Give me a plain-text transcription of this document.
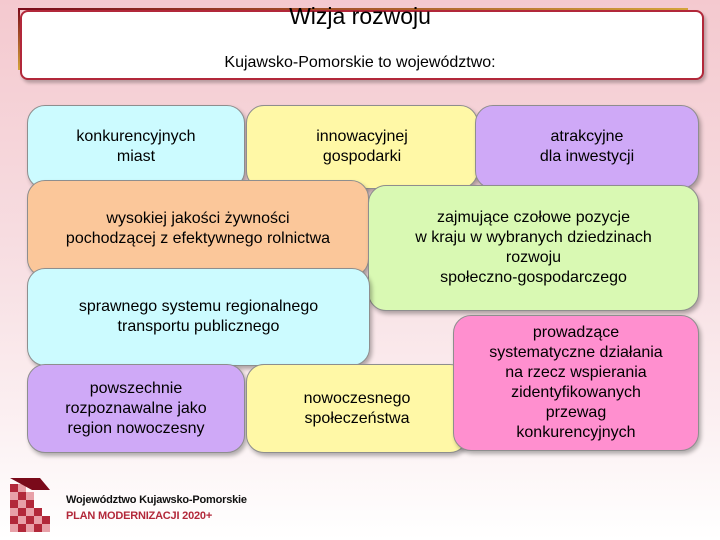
Wizja rozwoju
Kujawsko-Pomorskie to województwo:
konkurencyjnych
miast
innowacyjnej
gospodarki
atrakcyjne
dla inwestycji
wysokiej jakości żywności
pochodzącej z efektywnego rolnictwa
zajmujące czołowe pozycje
w kraju w wybranych dziedzinach
rozwoju
społeczno-gospodarczego
sprawnego systemu regionalnego
transportu publicznego
powszechnie
rozpoznawalne jako
region nowoczesny
nowoczesnego
społeczeństwa
prowadzące
systematyczne działania
na rzecz wspierania
zidentyfikowanych
przewag
konkurencyjnych
Województwo Kujawsko-Pomorskie
PLAN MODERNIZACJI 2020+
